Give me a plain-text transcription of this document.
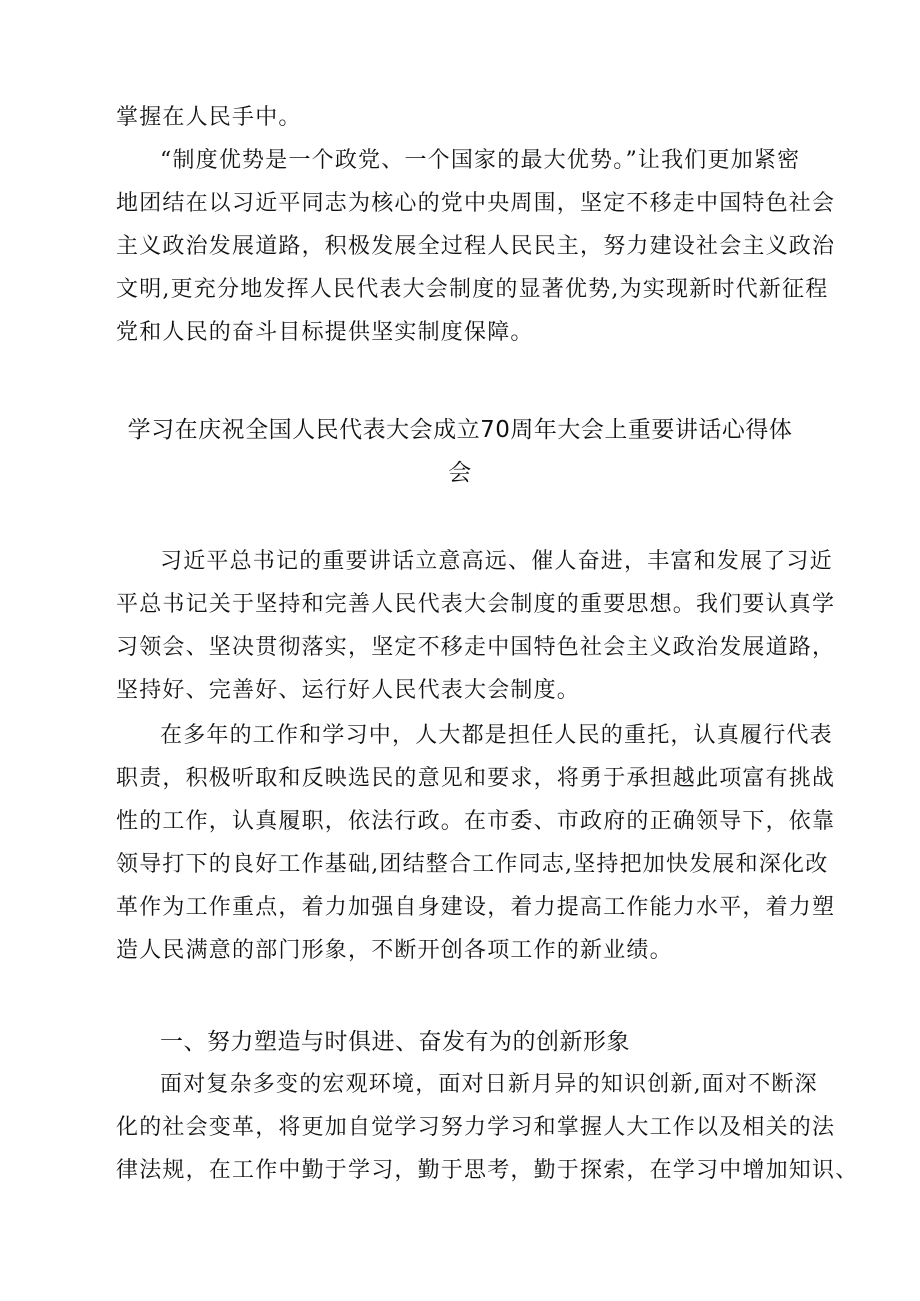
掌握在人民手中。
“制度优势是一个政党、一个国家的最大优势。”让我们更加紧密
地团结在以习近平同志为核心的党中央周围，坚定不移走中国特色社会
主义政治发展道路，积极发展全过程人民民主，努力建设社会主义政治
文明,更充分地发挥人民代表大会制度的显著优势,为实现新时代新征程
党和人民的奋斗目标提供坚实制度保障。
学习在庆祝全国人民代表大会成立70周年大会上重要讲话心得体
会
习近平总书记的重要讲话立意高远、催人奋进，丰富和发展了习近
平总书记关于坚持和完善人民代表大会制度的重要思想。我们要认真学
习领会、坚决贯彻落实，坚定不移走中国特色社会主义政治发展道路，
坚持好、完善好、运行好人民代表大会制度。
在多年的工作和学习中，人大都是担任人民的重托，认真履行代表
职责，积极听取和反映选民的意见和要求，将勇于承担越此项富有挑战
性的工作，认真履职，依法行政。在市委、市政府的正确领导下，依靠
领导打下的良好工作基础,团结整合工作同志,坚持把加快发展和深化改
革作为工作重点，着力加强自身建设，着力提高工作能力水平，着力塑
造人民满意的部门形象，不断开创各项工作的新业绩。
一、努力塑造与时俱进、奋发有为的创新形象
面对复杂多变的宏观环境，面对日新月异的知识创新,面对不断深
化的社会变革，将更加自觉学习努力学习和掌握人大工作以及相关的法
律法规，在工作中勤于学习，勤于思考，勤于探索，在学习中增加知识、
